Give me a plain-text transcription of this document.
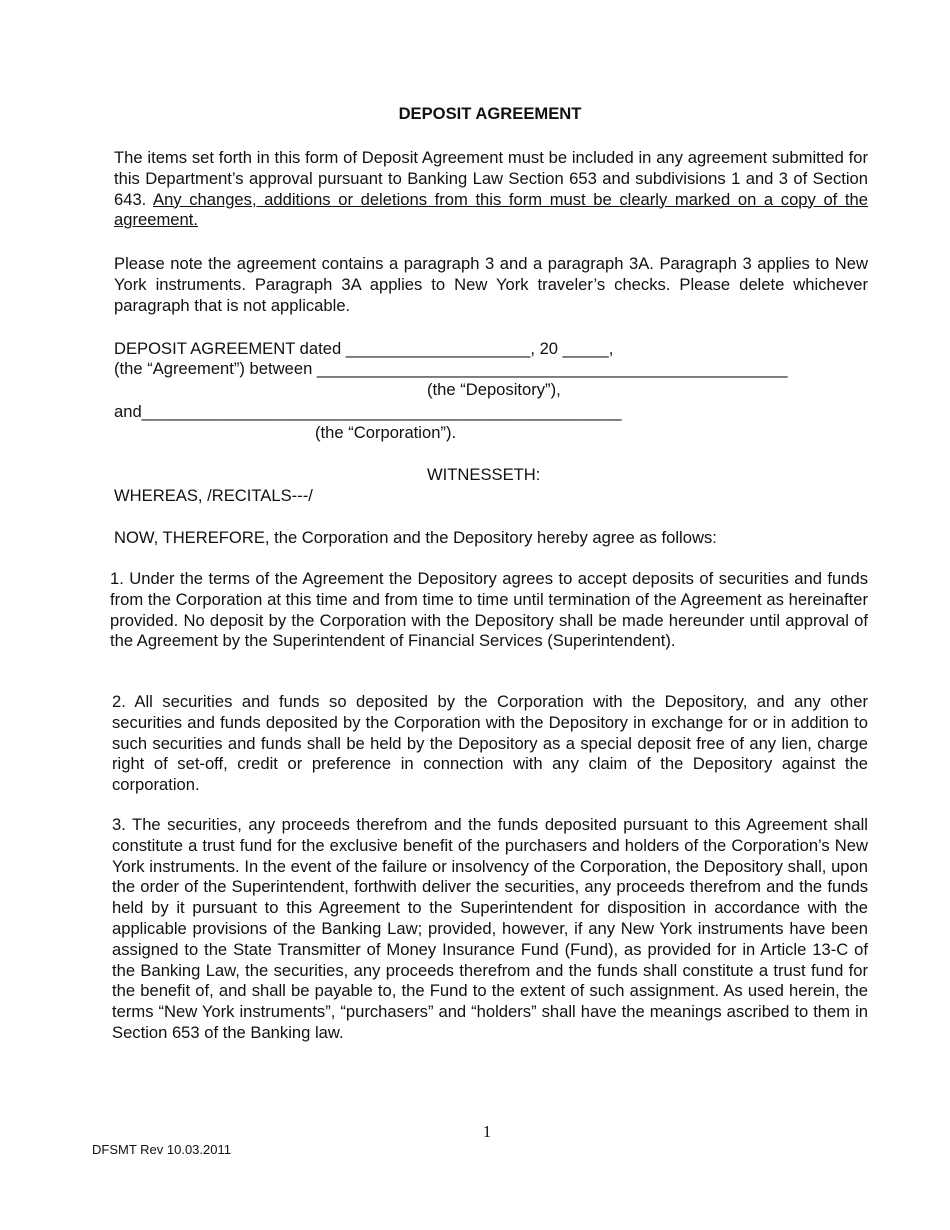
DEPOSIT AGREEMENT

The items set forth in this form of Deposit Agreement must be included in any agreement submitted for this Department’s approval pursuant to Banking Law Section 653 and subdivisions 1 and 3 of Section 643. Any changes, additions or deletions from this form must be clearly marked on a copy of the agreement.

Please note the agreement contains a paragraph 3 and a paragraph 3A. Paragraph 3 applies to New York instruments. Paragraph 3A applies to New York traveler’s checks. Please delete whichever paragraph that is not applicable.

DEPOSIT AGREEMENT dated ____________________, 20 _____,
(the “Agreement”) between ___________________________________________________
(the “Depository”),
and____________________________________________________
(the “Corporation”).
WITNESSETH:
WHEREAS, /RECITALS---/
NOW, THEREFORE, the Corporation and the Depository hereby agree as follows:

1. Under the terms of the Agreement the Depository agrees to accept deposits of securities and funds from the Corporation at this time and from time to time until termination of the Agreement as hereinafter provided. No deposit by the Corporation with the Depository shall be made hereunder until approval of the Agreement by the Superintendent of Financial Services (Superintendent).

2. All securities and funds so deposited by the Corporation with the Depository, and any other securities and funds deposited by the Corporation with the Depository in exchange for or in addition to such securities and funds shall be held by the Depository as a special deposit free of any lien, charge right of set-off, credit or preference in connection with any claim of the Depository against the corporation.

3. The securities, any proceeds therefrom and the funds deposited pursuant to this Agreement shall constitute a trust fund for the exclusive benefit of the purchasers and holders of the Corporation’s New York instruments. In the event of the failure or insolvency of the Corporation, the Depository shall, upon the order of the Superintendent, forthwith deliver the securities, any proceeds therefrom and the funds held by it pursuant to this Agreement to the Superintendent for disposition in accordance with the applicable provisions of the Banking Law; provided, however, if any New York instruments have been assigned to the State Transmitter of Money Insurance Fund (Fund), as provided for in Article 13-C of the Banking Law, the securities, any proceeds therefrom and the funds shall constitute a trust fund for the benefit of, and shall be payable to, the Fund to the extent of such assignment. As used herein, the terms “New York instruments”, “purchasers” and “holders” shall have the meanings ascribed to them in Section 653 of the Banking law.

1
DFSMT Rev 10.03.2011
